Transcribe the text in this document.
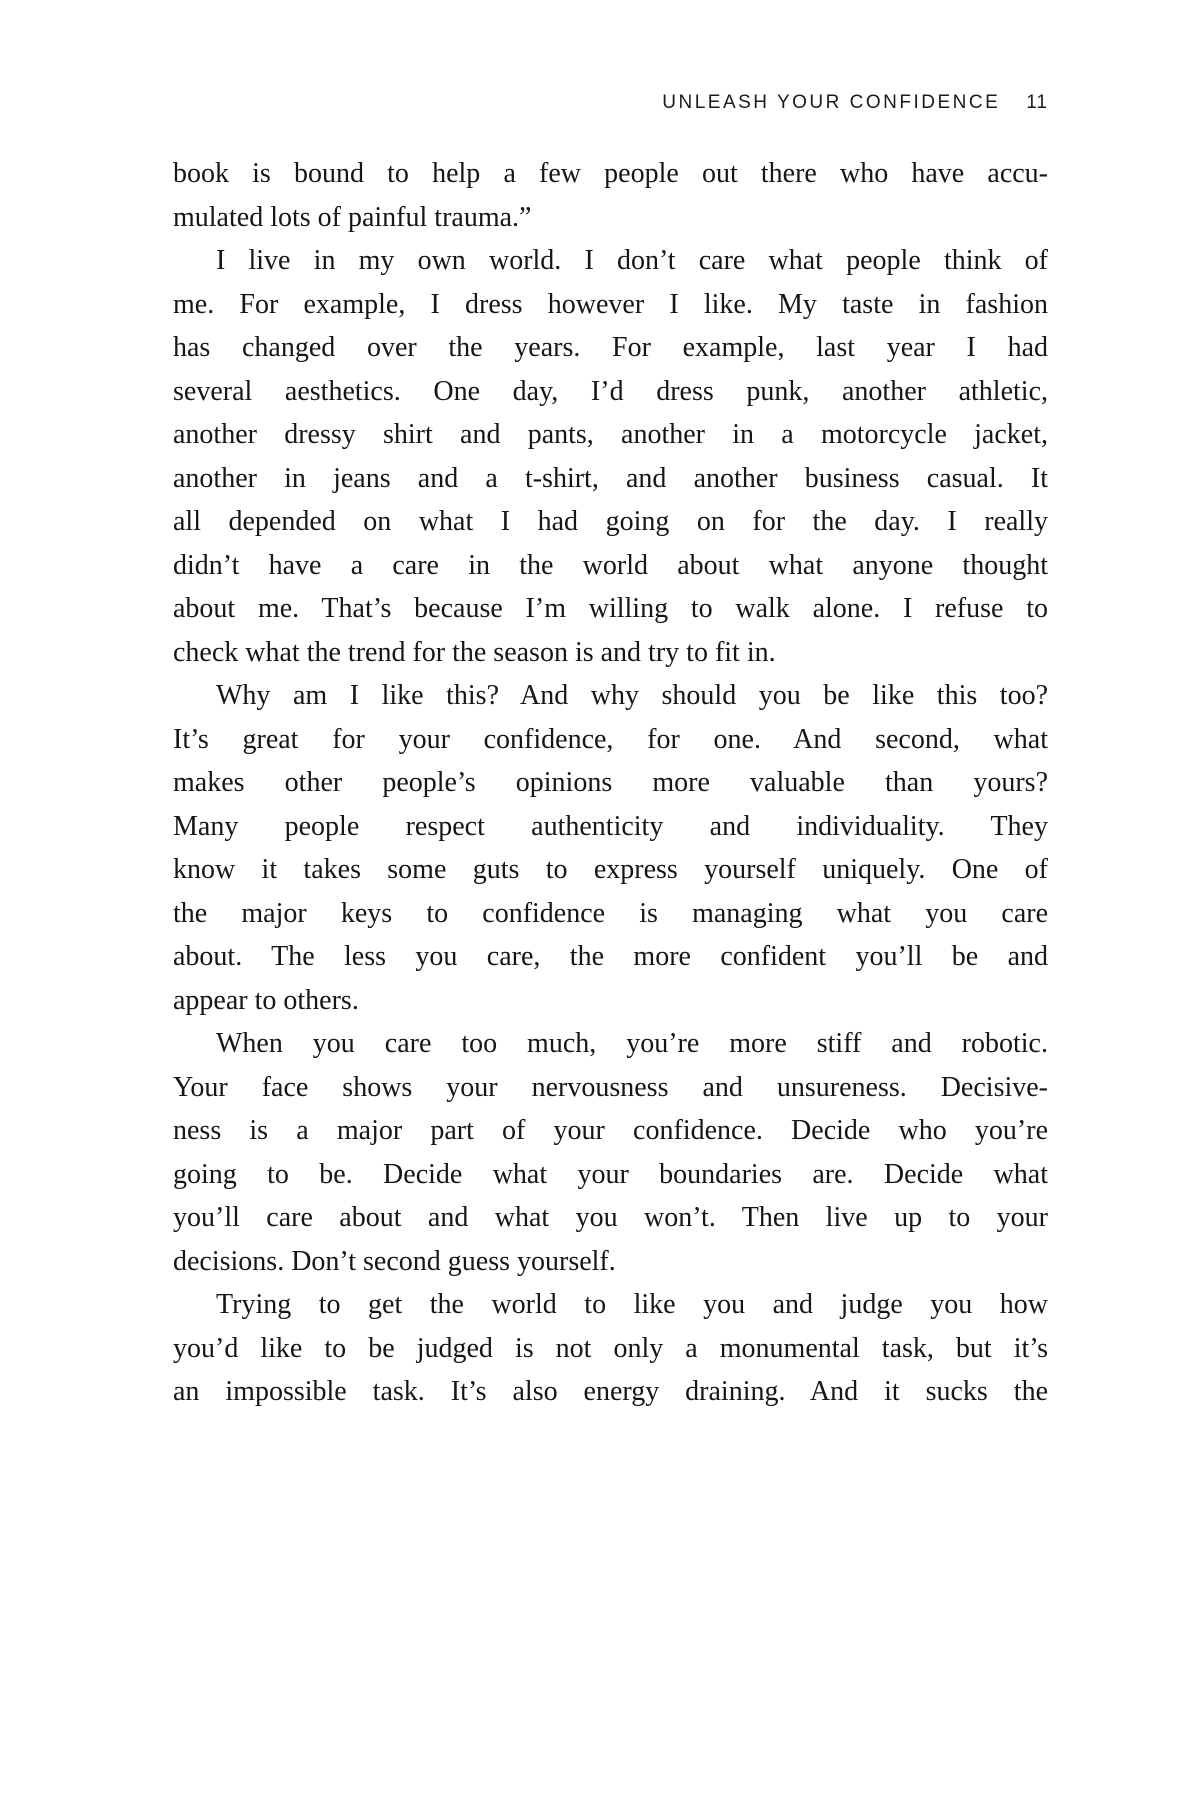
UNLEASH YOUR CONFIDENCE 11
book is bound to help a few people out there who have accu-
mulated lots of painful trauma.”
I live in my own world. I don’t care what people think of
me. For example, I dress however I like. My taste in fashion
has changed over the years. For example, last year I had
several aesthetics. One day, I’d dress punk, another athletic,
another dressy shirt and pants, another in a motorcycle jacket,
another in jeans and a t-shirt, and another business casual. It
all depended on what I had going on for the day. I really
didn’t have a care in the world about what anyone thought
about me. That’s because I’m willing to walk alone. I refuse to
check what the trend for the season is and try to fit in.
Why am I like this? And why should you be like this too?
It’s great for your confidence, for one. And second, what
makes other people’s opinions more valuable than yours?
Many people respect authenticity and individuality. They
know it takes some guts to express yourself uniquely. One of
the major keys to confidence is managing what you care
about. The less you care, the more confident you’ll be and
appear to others.
When you care too much, you’re more stiff and robotic.
Your face shows your nervousness and unsureness. Decisive-
ness is a major part of your confidence. Decide who you’re
going to be. Decide what your boundaries are. Decide what
you’ll care about and what you won’t. Then live up to your
decisions. Don’t second guess yourself.
Trying to get the world to like you and judge you how
you’d like to be judged is not only a monumental task, but it’s
an impossible task. It’s also energy draining. And it sucks the
